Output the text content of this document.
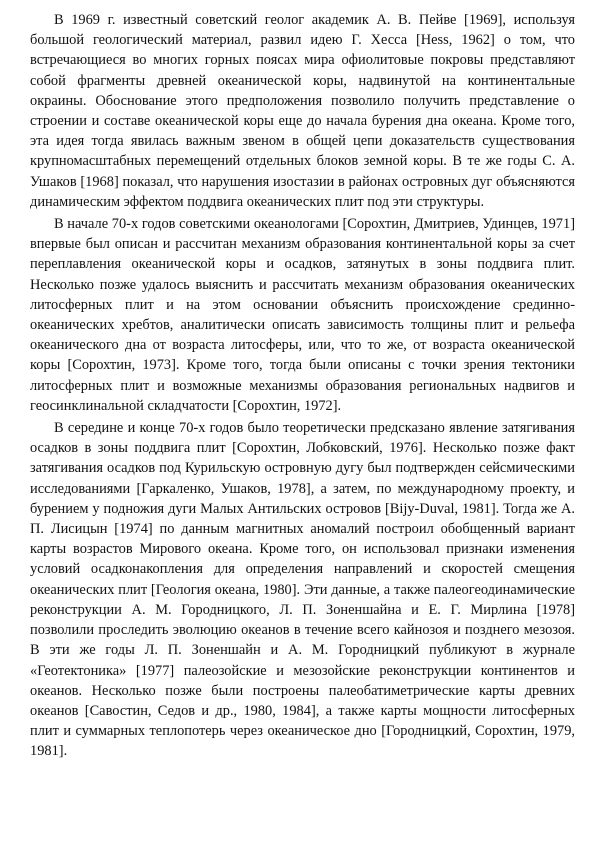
В 1969 г. известный советский геолог академик А. В. Пейве [1969], используя большой геологический материал, развил идею Г. Хесса [Hess, 1962] о том, что встречающиеся во многих горных поясах мира офиолитовые покровы представляют собой фрагменты древней океанической коры, надвинутой на континентальные окраины. Обоснование этого предположения позволило получить представление о строении и составе океанической коры еще до начала бурения дна океана. Кроме того, эта идея тогда явилась важным звеном в общей цепи доказательств существования крупномасштабных перемещений отдельных блоков земной коры. В те же годы С. А. Ушаков [1968] показал, что нарушения изостазии в районах островных дуг объясняются динамическим эффектом поддвига океанических плит под эти структуры.

В начале 70-х годов советскими океанологами [Сорохтин, Дмитриев, Удинцев, 1971] впервые был описан и рассчитан механизм образования континентальной коры за счет переплавления океанической коры и осадков, затянутых в зоны поддвига плит. Несколько позже удалось выяснить и рассчитать механизм образования океанических литосферных плит и на этом основании объяснить происхождение срединно-океанических хребтов, аналитически описать зависимость толщины плит и рельефа океанического дна от возраста литосферы, или, что то же, от возраста океанической коры [Сорохтин, 1973]. Кроме того, тогда были описаны с точки зрения тектоники литосферных плит и возможные механизмы образования региональных надвигов и геосинклинальной складчатости [Сорохтин, 1972].

В середине и конце 70-х годов было теоретически предсказано явление затягивания осадков в зоны поддвига плит [Сорохтин, Лобковский, 1976]. Несколько позже факт затягивания осадков под Курильскую островную дугу был подтвержден сейсмическими исследованиями [Гаркаленко, Ушаков, 1978], а затем, по международному проекту, и бурением у подножия дуги Малых Антильских островов [Bijy-Duval, 1981]. Тогда же А. П. Лисицын [1974] по данным магнитных аномалий построил обобщенный вариант карты возрастов Мирового океана. Кроме того, он использовал признаки изменения условий осадконакопления для определения направлений и скоростей смещения океанических плит [Геология океана, 1980]. Эти данные, а также палеогеодинамические реконструкции А. М. Городницкого, Л. П. Зоненшайна и Е. Г. Мирлина [1978] позволили проследить эволюцию океанов в течение всего кайнозоя и позднего мезозоя. В эти же годы Л. П. Зоненшайн и А. М. Городницкий публикуют в журнале «Геотектоника» [1977] палеозойские и мезозойские реконструкции континентов и океанов. Несколько позже были построены палеобатиметрические карты древних океанов [Савостин, Седов и др., 1980, 1984], а также карты мощности литосферных плит и суммарных теплопотерь через океаническое дно [Городницкий, Сорохтин, 1979, 1981].
